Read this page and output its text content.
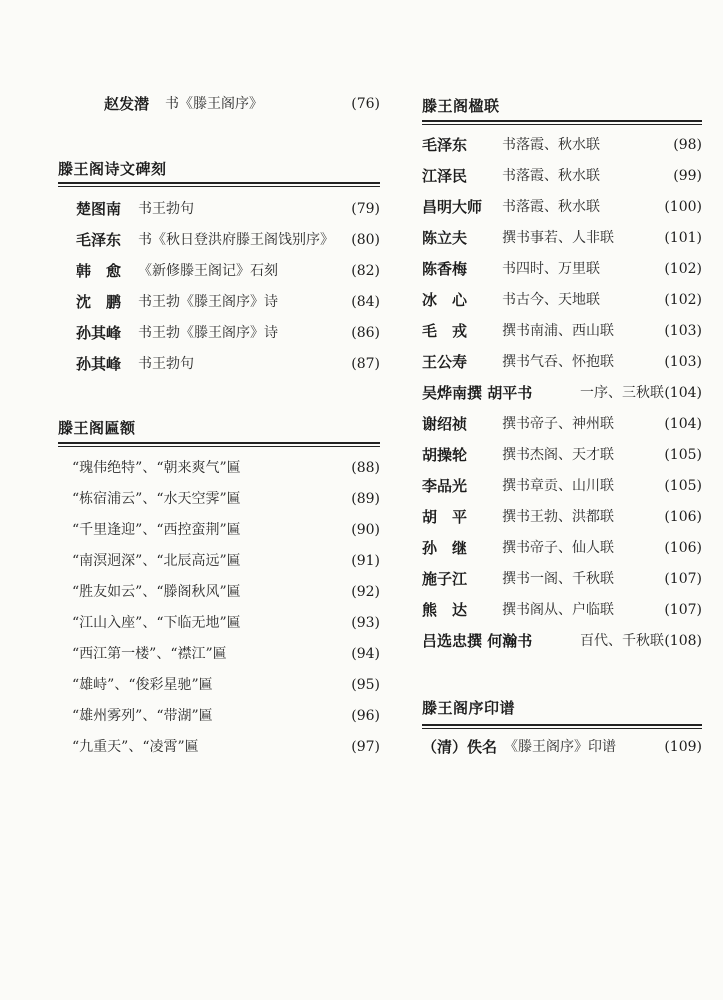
赵发潜 书《滕王阁序》	(76)
滕王阁诗文碑刻
楚图南 书王勃句	(79)
毛泽东 书《秋日登洪府滕王阁饯别序》 (80)
韩　愈 《新修滕王阁记》石刻	(82)
沈　鹏 书王勃《滕王阁序》诗	(84)
孙其峰 书王勃《滕王阁序》诗	(86)
孙其峰 书王勃句	(87)
滕王阁匾额
“瑰伟绝特”、“朝来爽气”匾	(88)
“栋宿浦云”、“水天空霁”匾	(89)
“千里逢迎”、“西控蛮荆”匾	(90)
“南溟迥深”、“北辰高远”匾	(91)
“胜友如云”、“滕阁秋风”匾	(92)
“江山入座”、“下临无地”匾	(93)
“西江第一楼”、“襟江”匾	(94)
“雄峙”、“俊彩星驰”匾	(95)
“雄州雾列”、“带湖”匾	(96)
“九重天”、“凌霄”匾	(97)
滕王阁楹联
毛泽东 书落霞、秋水联	(98)
江泽民 书落霞、秋水联	(99)
昌明大师 书落霞、秋水联	(100)
陈立夫 撰书事若、人非联	(101)
陈香梅 书四时、万里联	(102)
冰　心 书古今、天地联	(102)
毛　戎 撰书南浦、西山联	(103)
王公寿 撰书气吞、怀抱联	(103)
吴烨南撰 胡平书	一序、三秋联 (104)
谢绍祯 撰书帝子、神州联	(104)
胡操轮 撰书杰阁、天才联	(105)
李品光 撰书章贡、山川联	(105)
胡　平 撰书王勃、洪都联	(106)
孙　继 撰书帝子、仙人联	(106)
施子江 撰书一阁、千秋联	(107)
熊　达 撰书阁从、户临联	(107)
吕选忠撰 何瀚书	百代、千秋联 (108)
滕王阁序印谱
（清）佚名 《滕王阁序》印谱	(109)
